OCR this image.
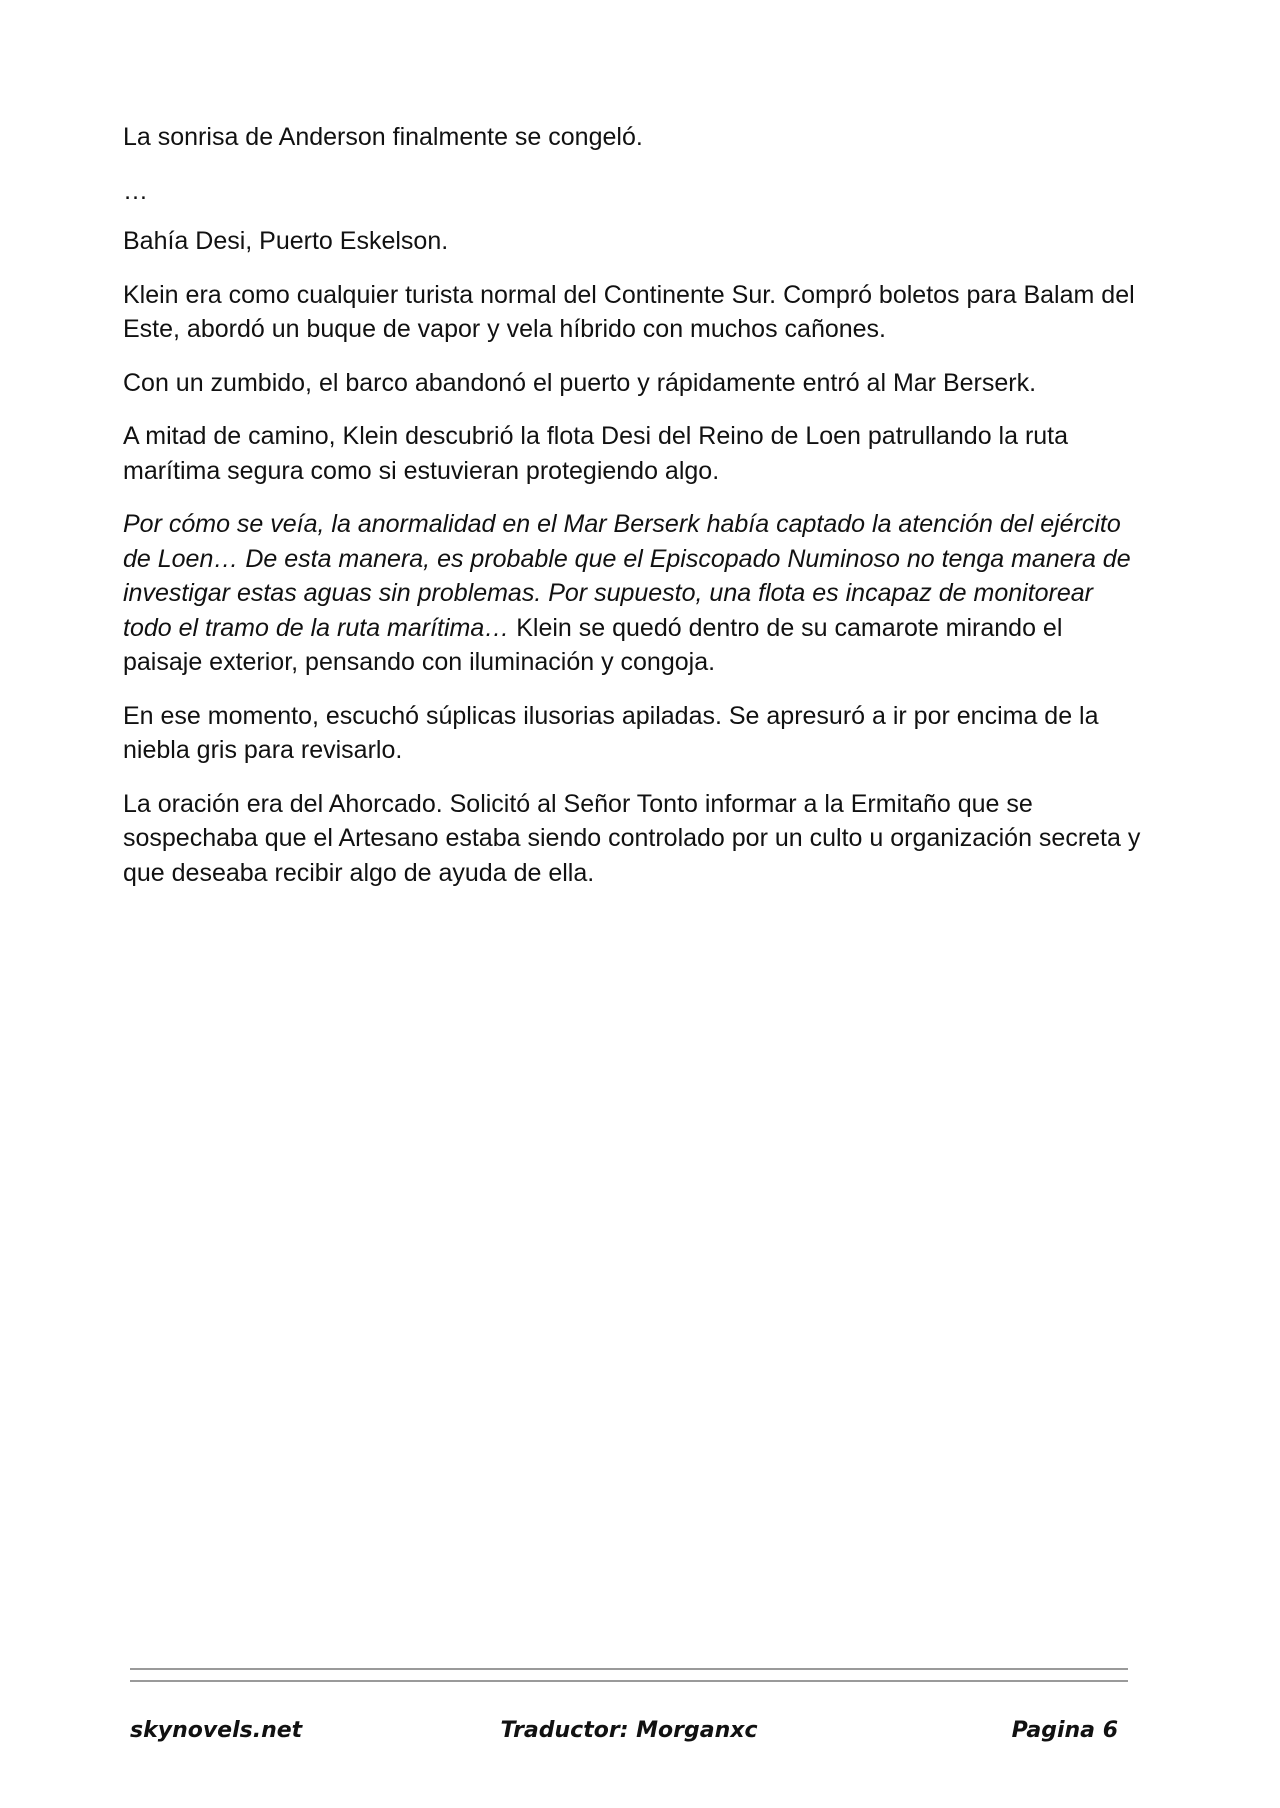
La sonrisa de Anderson finalmente se congeló.

…

Bahía Desi, Puerto Eskelson.

Klein era como cualquier turista normal del Continente Sur. Compró boletos para Balam del Este, abordó un buque de vapor y vela híbrido con muchos cañones.

Con un zumbido, el barco abandonó el puerto y rápidamente entró al Mar Berserk.

A mitad de camino, Klein descubrió la flota Desi del Reino de Loen patrullando la ruta marítima segura como si estuvieran protegiendo algo.

Por cómo se veía, la anormalidad en el Mar Berserk había captado la atención del ejército de Loen… De esta manera, es probable que el Episcopado Numinoso no tenga manera de investigar estas aguas sin problemas. Por supuesto, una flota es incapaz de monitorear todo el tramo de la ruta marítima… Klein se quedó dentro de su camarote mirando el paisaje exterior, pensando con iluminación y congoja.

En ese momento, escuchó súplicas ilusorias apiladas. Se apresuró a ir por encima de la niebla gris para revisarlo.

La oración era del Ahorcado. Solicitó al Señor Tonto informar a la Ermitaño que se sospechaba que el Artesano estaba siendo controlado por un culto u organización secreta y que deseaba recibir algo de ayuda de ella.

skynovels.net	Traductor: Morganxc	Pagina 6
